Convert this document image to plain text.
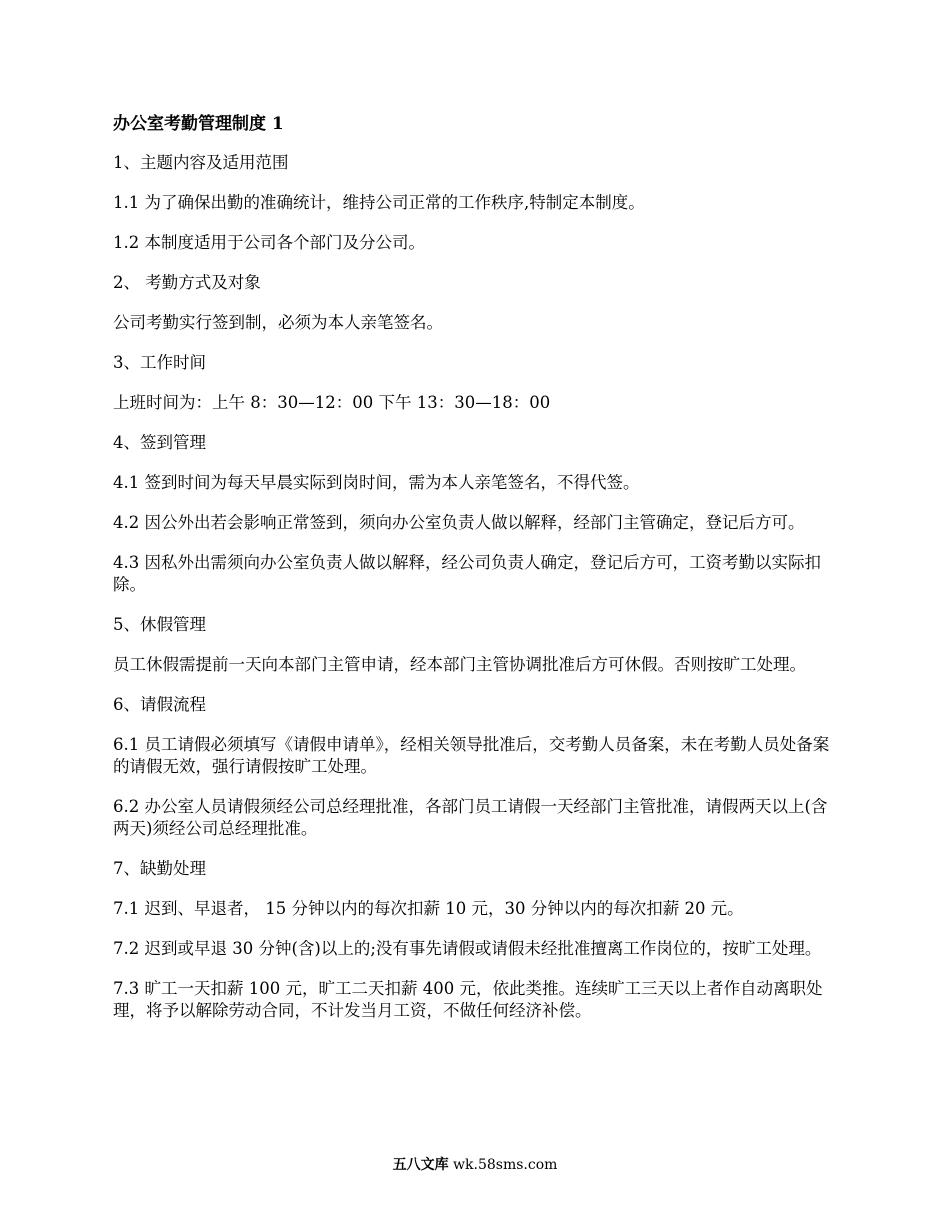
办公室考勤管理制度 1
1、主题内容及适用范围
1.1 为了确保出勤的准确统计，维持公司正常的工作秩序,特制定本制度。
1.2 本制度适用于公司各个部门及分公司。
2、 考勤方式及对象
公司考勤实行签到制，必须为本人亲笔签名。
3、工作时间
上班时间为：上午 8：30—12：00 下午 13：30—18：00
4、签到管理
4.1 签到时间为每天早晨实际到岗时间，需为本人亲笔签名，不得代签。
4.2 因公外出若会影响正常签到，须向办公室负责人做以解释，经部门主管确定，登记后方可。
4.3 因私外出需须向办公室负责人做以解释，经公司负责人确定，登记后方可，工资考勤以实际扣除。
5、休假管理
员工休假需提前一天向本部门主管申请，经本部门主管协调批准后方可休假。否则按旷工处理。
6、请假流程
6.1 员工请假必须填写《请假申请单》，经相关领导批准后，交考勤人员备案，未在考勤人员处备案的请假无效，强行请假按旷工处理。
6.2 办公室人员请假须经公司总经理批准，各部门员工请假一天经部门主管批准，请假两天以上(含两天)须经公司总经理批准。
7、缺勤处理
7.1 迟到、早退者， 15 分钟以内的每次扣薪 10 元，30 分钟以内的每次扣薪 20 元。
7.2 迟到或早退 30 分钟(含)以上的;没有事先请假或请假未经批准擅离工作岗位的，按旷工处理。
7.3 旷工一天扣薪 100 元，旷工二天扣薪 400 元，依此类推。连续旷工三天以上者作自动离职处理，将予以解除劳动合同，不计发当月工资，不做任何经济补偿。
五八文库 wk.58sms.com
